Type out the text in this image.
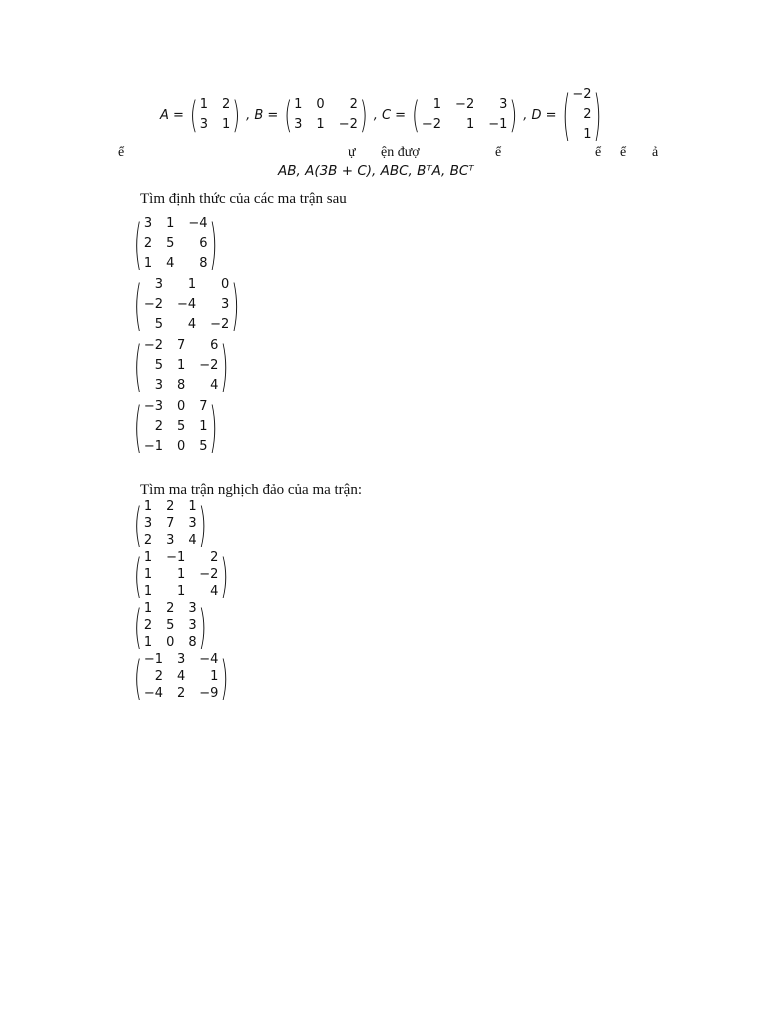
A = ( 1 2
3 1 ) , B = ( 1 0	2
3 1 −2 ) , C = ( 1 −2	3
−2	1 −1 ) , D = ( −2
2
1 )
ể	ự ện đượ	ể	ể ể ả
AB, A(3B + C), ABC, BᵀA, BCᵀ
Tìm định thức của các ma trận sau
( 3 1 −4
2 5	6
1 4	8 )
( 3	1	0
−2 −4	3
5	4 −2 )
( −2 7	6
5 1 −2
3 8	4 )
( −3 0 7
2 5 1
−1 0 5 )
Tìm ma trận nghịch đảo của ma trận:
( 1 2 1
3 7 3
2 3 4 )
( 1 −1	2
1	1 −2
1	1	4 )
( 1 2 3
2 5 3
1 0 8 )
( −1 3 −4
2 4	1
−4 2 −9 )
